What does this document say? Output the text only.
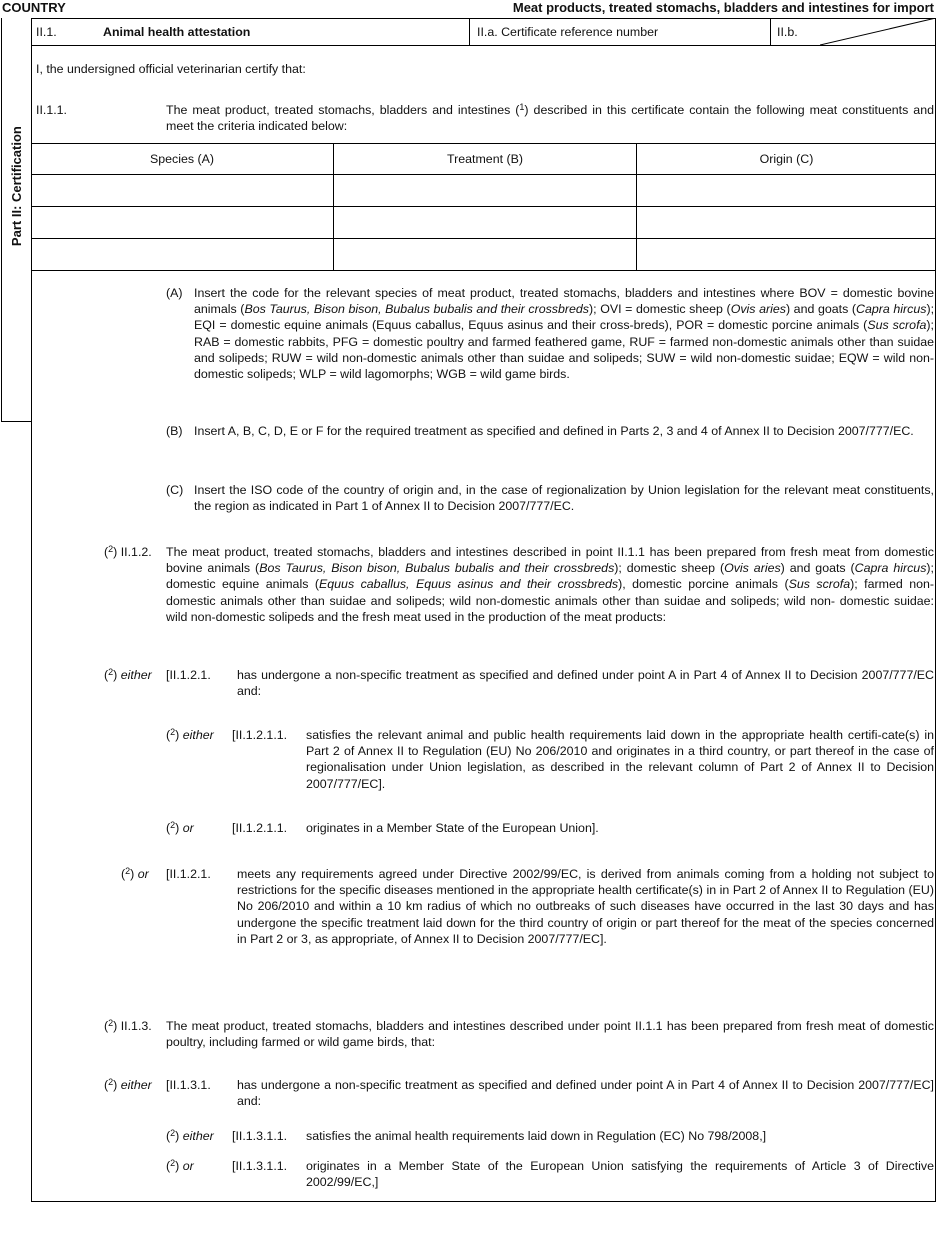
COUNTRY	Meat products, treated stomachs, bladders and intestines for import
Part II: Certification
II.1.	Animal health attestation	II.a. Certificate reference number	II.b.
I, the undersigned official veterinarian certify that:
II.1.1.	The meat product, treated stomachs, bladders and intestines ($^1$) described in this certificate contain the following meat constituents and meet the criteria indicated below:
Species (A)	Treatment (B)	Origin (C)
(A) Insert the code for the relevant species of meat product, treated stomachs, bladders and intestines where BOV = domestic bovine animals (Bos Taurus, Bison bison, Bubalus bubalis and their crossbreds); OVI = domestic sheep (Ovis aries) and goats (Capra hircus); EQI = domestic equine animals (Equus caballus, Equus asinus and their cross-breds), POR = domestic porcine animals (Sus scrofa); RAB = domestic rabbits, PFG = domestic poultry and farmed feathered game, RUF = farmed non-domestic animals other than suidae and solipeds; RUW = wild non-domestic animals other than suidae and solipeds; SUW = wild non-domestic suidae; EQW = wild non-domestic solipeds; WLP = wild lagomorphs; WGB = wild game birds.
(B) Insert A, B, C, D, E or F for the required treatment as specified and defined in Parts 2, 3 and 4 of Annex II to Decision 2007/777/EC.
(C) Insert the ISO code of the country of origin and, in the case of regionalization by Union legislation for the relevant meat constituents, the region as indicated in Part 1 of Annex II to Decision 2007/777/EC.
($^2$) II.1.2. The meat product, treated stomachs, bladders and intestines described in point II.1.1 has been prepared from fresh meat from domestic bovine animals (Bos Taurus, Bison bison, Bubalus bubalis and their crossbreds); domestic sheep (Ovis aries) and goats (Capra hircus); domestic equine animals (Equus caballus, Equus asinus and their crossbreds), domestic porcine animals (Sus scrofa); farmed non-domestic animals other than suidae and solipeds; wild non-domestic animals other than suidae and solipeds; wild non- domestic suidae: wild non-domestic solipeds and the fresh meat used in the production of the meat products:
($^2$) either [II.1.2.1. has undergone a non-specific treatment as specified and defined under point A in Part 4 of Annex II to Decision 2007/777/EC and:
($^2$) either [II.1.2.1.1. satisfies the relevant animal and public health requirements laid down in the appropriate health certifi-cate(s) in Part 2 of Annex II to Regulation (EU) No 206/2010 and originates in a third country, or part thereof in the case of regionalisation under Union legislation, as described in the relevant column of Part 2 of Annex II to Decision 2007/777/EC].
($^2$) or	[II.1.2.1.1. originates in a Member State of the European Union].
($^2$) or [II.1.2.1. meets any requirements agreed under Directive 2002/99/EC, is derived from animals coming from a holding not subject to restrictions for the specific diseases mentioned in the appropriate health certificate(s) in in Part 2 of Annex II to Regulation (EU) No 206/2010 and within a 10 km radius of which no outbreaks of such diseases have occurred in the last 30 days and has undergone the specific treatment laid down for the third country of origin or part thereof for the meat of the species concerned in Part 2 or 3, as appropriate, of Annex II to Decision 2007/777/EC].
($^2$) II.1.3. The meat product, treated stomachs, bladders and intestines described under point II.1.1 has been prepared from fresh meat of domestic poultry, including farmed or wild game birds, that:
($^2$) either [II.1.3.1. has undergone a non-specific treatment as specified and defined under point A in Part 4 of Annex II to Decision 2007/777/EC] and:
($^2$) either [II.1.3.1.1. satisfies the animal health requirements laid down in Regulation (EC) No 798/2008,]
($^2$) or	[II.1.3.1.1. originates in a Member State of the European Union satisfying the requirements of Article 3 of Directive 2002/99/EC,]
